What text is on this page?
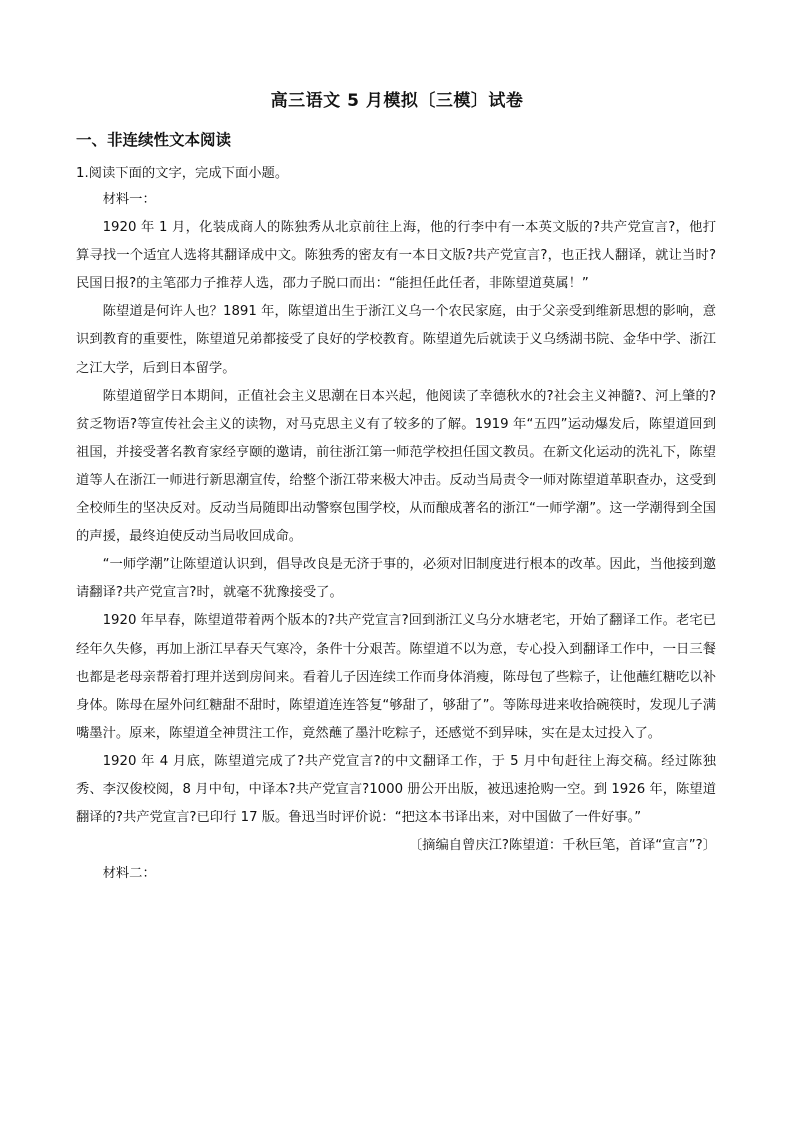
高三语文 5 月模拟〔三模〕试卷
一、非连续性文本阅读
1.阅读下面的文字，完成下面小题。

材料一：

1920 年 1 月，化装成商人的陈独秀从北京前往上海，他的行李中有一本英文版的?共产党宣言?，他打算寻找一个适宜人选将其翻译成中文。陈独秀的密友有一本日文版?共产党宣言?，也正找人翻译，就让当时?民国日报?的主笔邵力子推荐人选，邵力子脱口而出：“能担任此任者，非陈望道莫属！”

陈望道是何许人也？1891 年，陈望道出生于浙江义乌一个农民家庭，由于父亲受到维新思想的影响，意识到教育的重要性，陈望道兄弟都接受了良好的学校教育。陈望道先后就读于义乌绣湖书院、金华中学、浙江之江大学，后到日本留学。

陈望道留学日本期间，正值社会主义思潮在日本兴起，他阅读了幸德秋水的?社会主义神髓?、河上肇的?贫乏物语?等宣传社会主义的读物，对马克思主义有了较多的了解。1919 年“五四”运动爆发后，陈望道回到祖国，并接受著名教育家经亨颐的邀请，前往浙江第一师范学校担任国文教员。在新文化运动的洗礼下，陈望道等人在浙江一师进行新思潮宣传，给整个浙江带来极大冲击。反动当局责令一师对陈望道革职查办，这受到全校师生的坚决反对。反动当局随即出动警察包围学校，从而酿成著名的浙江“一师学潮”。这一学潮得到全国的声援，最终迫使反动当局收回成命。

“一师学潮”让陈望道认识到，倡导改良是无济于事的，必须对旧制度进行根本的改革。因此，当他接到邀请翻译?共产党宣言?时，就毫不犹豫接受了。

1920 年早春，陈望道带着两个版本的?共产党宣言?回到浙江义乌分水塘老宅，开始了翻译工作。老宅已经年久失修，再加上浙江早春天气寒冷，条件十分艰苦。陈望道不以为意，专心投入到翻译工作中，一日三餐也都是老母亲帮着打理并送到房间来。看着儿子因连续工作而身体消瘦，陈母包了些粽子，让他蘸红糖吃以补身体。陈母在屋外问红糖甜不甜时，陈望道连连答复“够甜了，够甜了”。等陈母进来收拾碗筷时，发现儿子满嘴墨汁。原来，陈望道全神贯注工作，竟然蘸了墨汁吃粽子，还感觉不到异味，实在是太过投入了。

1920 年 4 月底，陈望道完成了?共产党宣言?的中文翻译工作，于 5 月中旬赶往上海交稿。经过陈独秀、李汉俊校阅，8 月中旬，中译本?共产党宣言?1000 册公开出版，被迅速抢购一空。到 1926 年，陈望道翻译的?共产党宣言?已印行 17 版。鲁迅当时评价说：“把这本书译出来，对中国做了一件好事。”

〔摘编自曾庆江?陈望道：千秋巨笔，首译“宣言”?〕

材料二：
